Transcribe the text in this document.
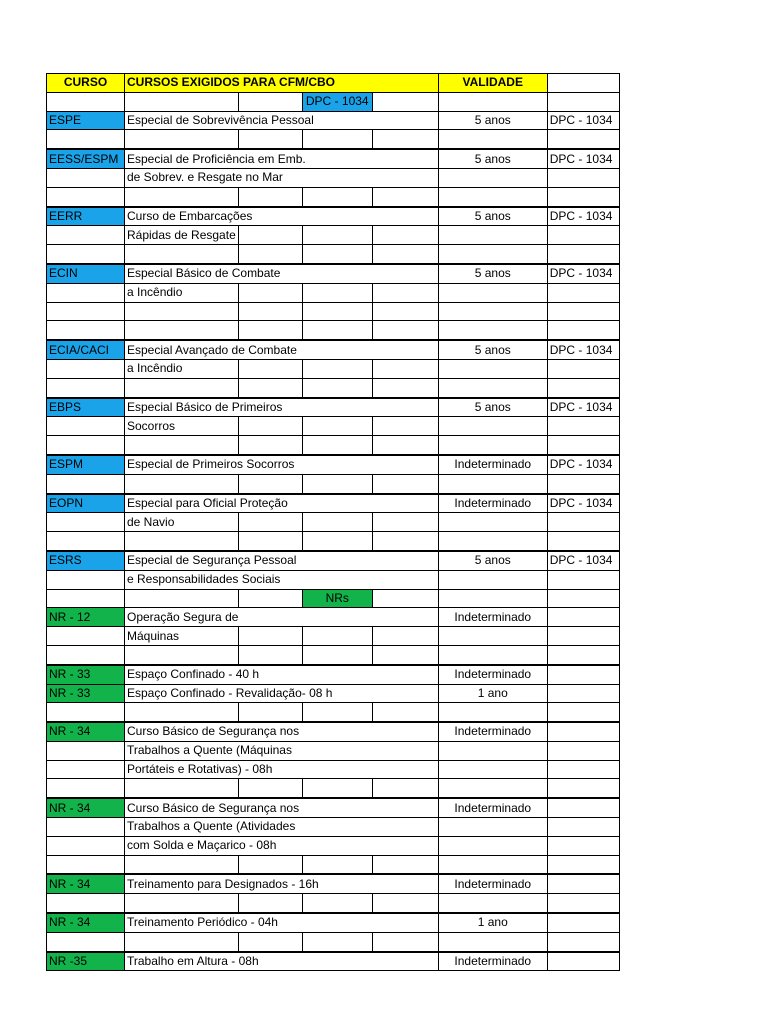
CURSO	CURSOS EXIGIDOS PARA CFM/CBO				VALIDADE	
			DPC - 1034			
ESPE	Especial de Sobrevivência Pessoal				5 anos	DPC - 1034

EESS/ESPM	Especial de Proficiência em Emb.				5 anos	DPC - 1034
	de Sobrev. e Resgate no Mar					

EERR	Curso de Embarcações				5 anos	DPC - 1034
	Rápidas de Resgate					

ECIN	Especial Básico de Combate				5 anos	DPC - 1034
	a Incêndio					

ECIA/CACI	Especial Avançado de Combate				5 anos	DPC - 1034
	a Incêndio					

EBPS	Especial Básico de Primeiros				5 anos	DPC - 1034
	Socorros					

ESPM	Especial de Primeiros Socorros				Indeterminado	DPC - 1034

EOPN	Especial para Oficial Proteção				Indeterminado	DPC - 1034
	de Navio					

ESRS	Especial de Segurança Pessoal				5 anos	DPC - 1034
	e Responsabilidades Sociais					
			NRs			
NR - 12	Operação Segura de				Indeterminado	
	Máquinas					

NR - 33	Espaço Confinado - 40 h				Indeterminado	
NR - 33	Espaço Confinado - Revalidação- 08 h				1 ano	

NR - 34	Curso Básico de Segurança nos				Indeterminado	
	Trabalhos a Quente (Máquinas					
	Portáteis e Rotativas) - 08h					

NR - 34	Curso Básico de Segurança nos				Indeterminado	
	Trabalhos a Quente (Atividades					
	com Solda e Maçarico - 08h					

NR - 34	Treinamento para Designados - 16h				Indeterminado	

NR - 34	Treinamento Periódico - 04h				1 ano	

NR -35	Trabalho em Altura - 08h				Indeterminado	
